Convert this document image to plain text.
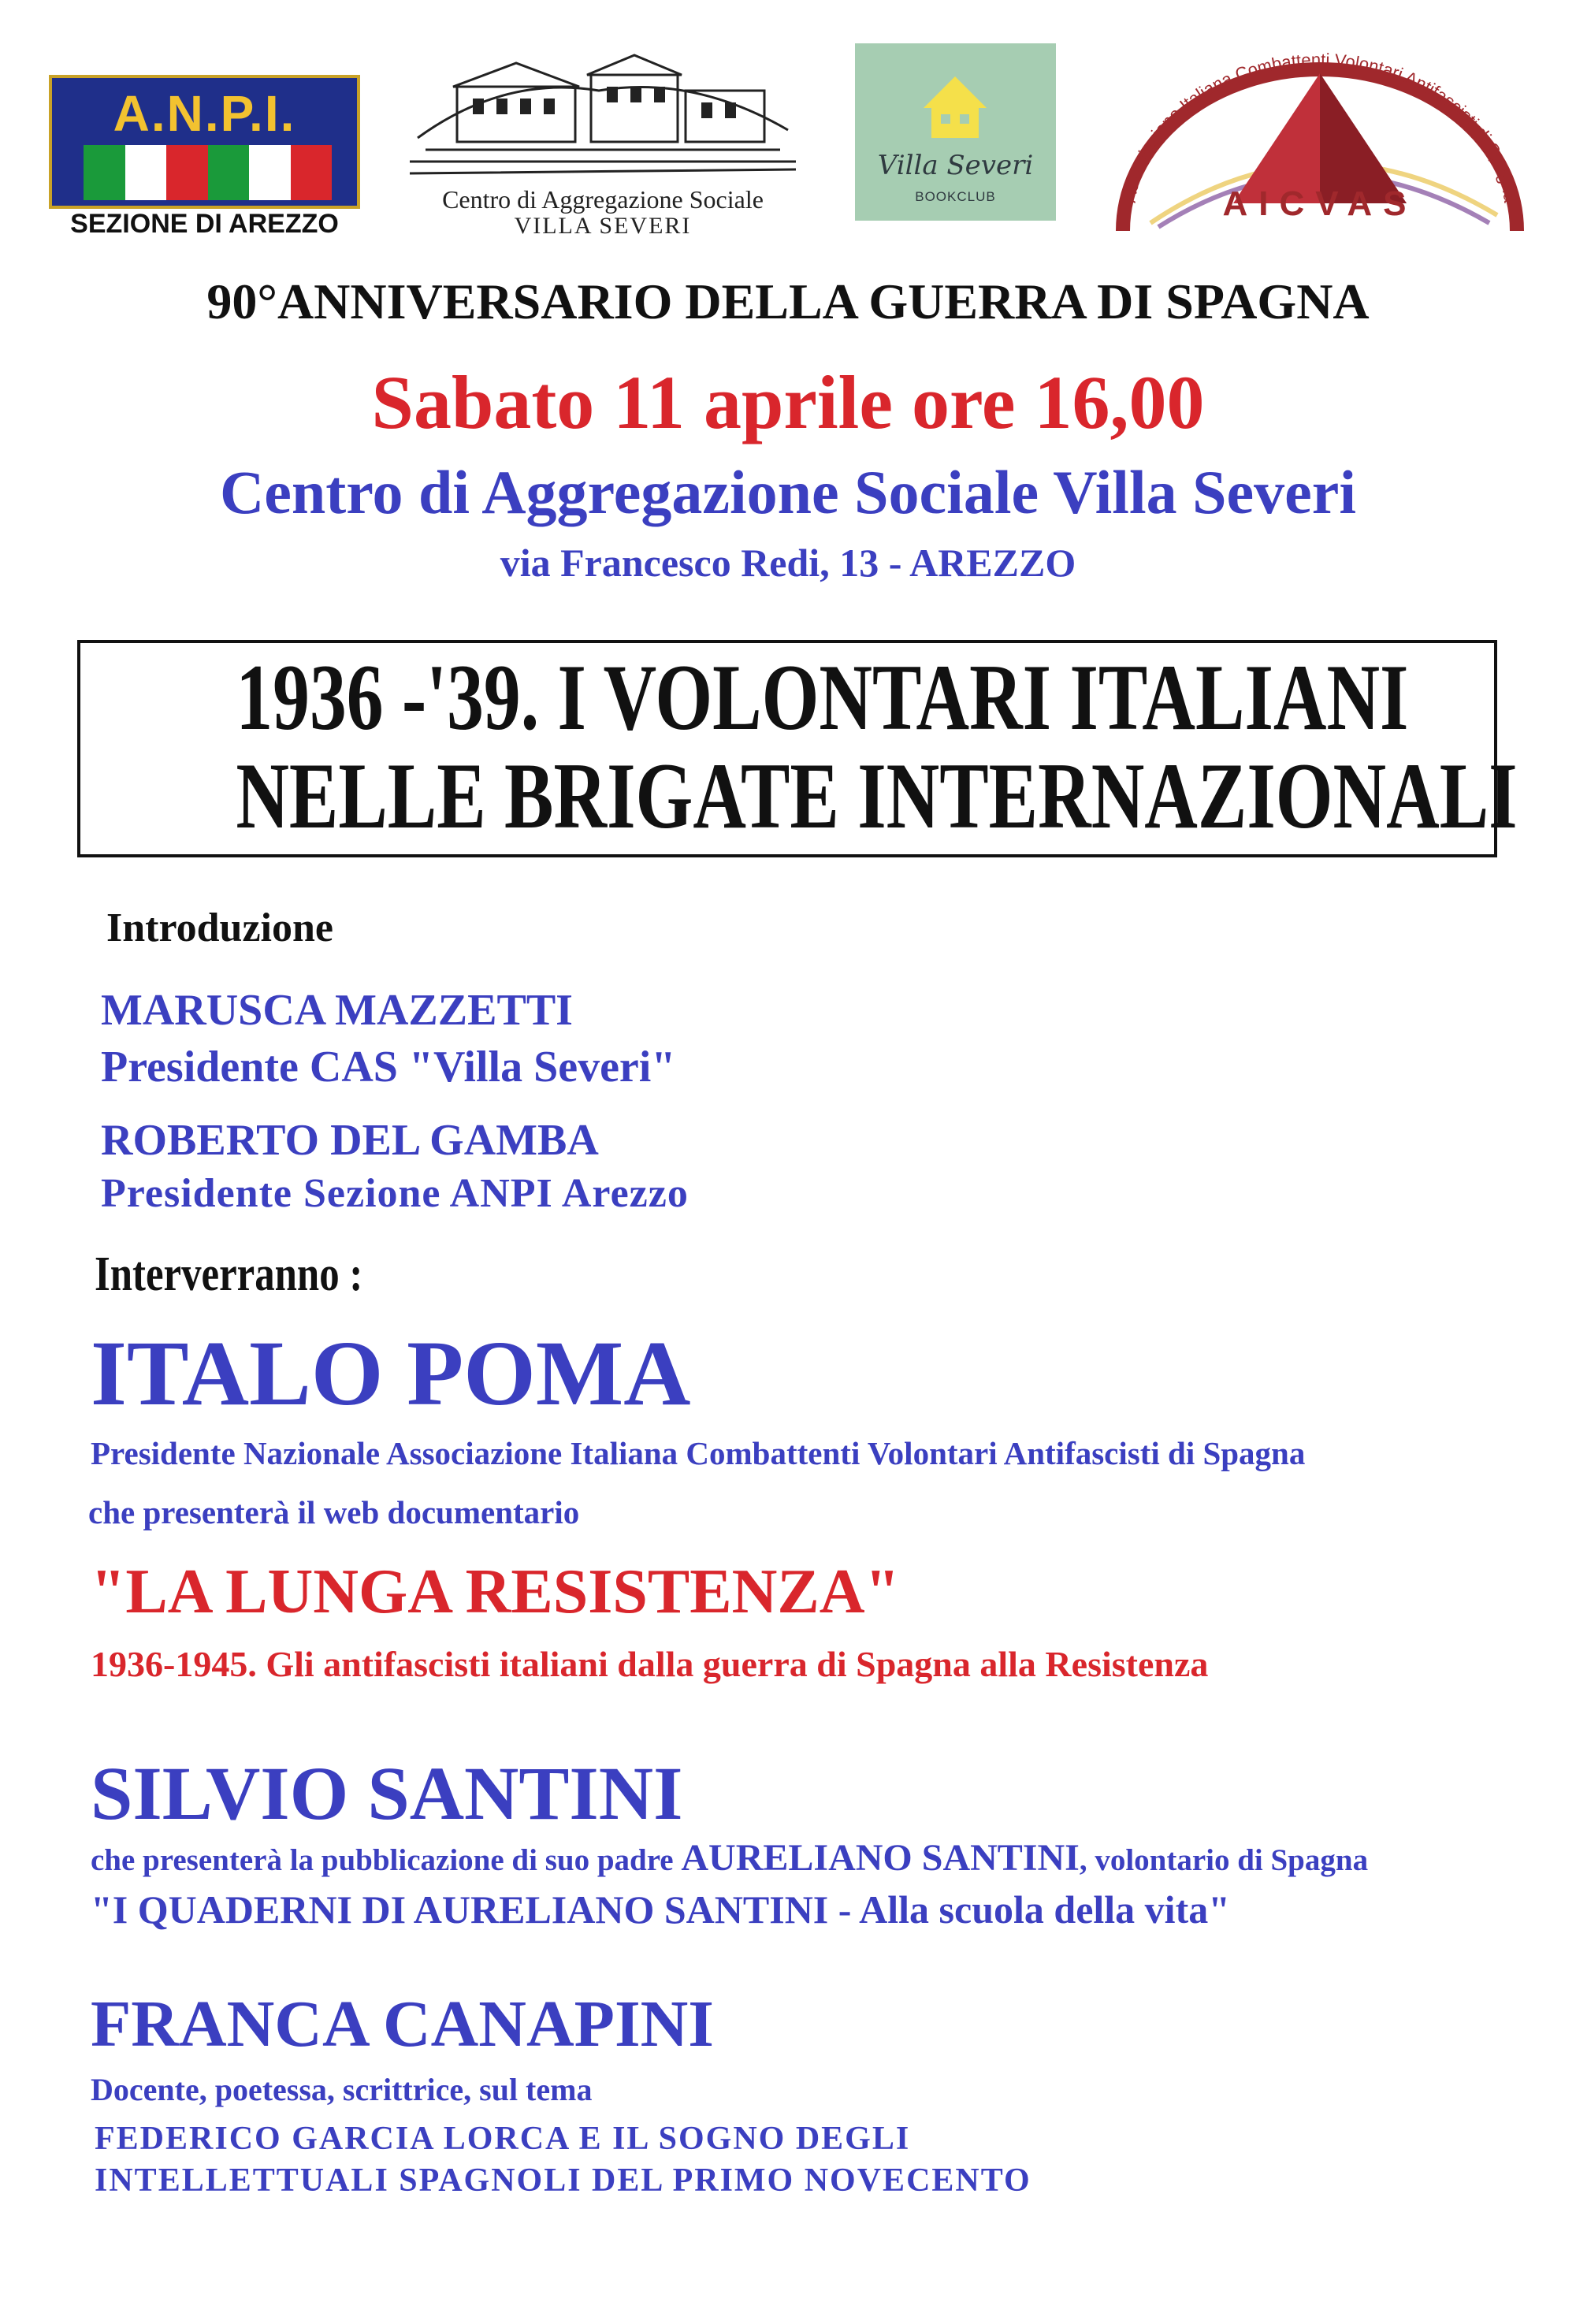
A.N.P.I.
SEZIONE DI AREZZO
Centro di Aggregazione Sociale
VILLA SEVERI
Villa Severi
BOOKCLUB	Associazione Italiana Combattenti Volontari Antifascisti di Spagna
AICVAS
90°ANNIVERSARIO DELLA GUERRA DI SPAGNA
Sabato 11 aprile ore 16,00
Centro di Aggregazione Sociale Villa Severi
via Francesco Redi, 13 - AREZZO
1936 -'39. I VOLONTARI ITALIANI
NELLE BRIGATE INTERNAZIONALI
Introduzione
MARUSCA MAZZETTI
Presidente CAS "Villa Severi"
ROBERTO DEL GAMBA
Presidente Sezione ANPI Arezzo
Interverranno :
ITALO POMA
Presidente Nazionale Associazione Italiana Combattenti Volontari Antifascisti di Spagna
che presenterà il web documentario
"LA LUNGA RESISTENZA"
1936-1945. Gli antifascisti italiani dalla guerra di Spagna alla Resistenza
SILVIO SANTINI
che presenterà la pubblicazione di suo padre AURELIANO SANTINI, volontario di Spagna
"I QUADERNI DI AURELIANO SANTINI - Alla scuola della vita"
FRANCA CANAPINI
Docente, poetessa, scrittrice, sul tema
FEDERICO GARCIA LORCA E IL SOGNO DEGLI
INTELLETTUALI SPAGNOLI DEL PRIMO NOVECENTO
